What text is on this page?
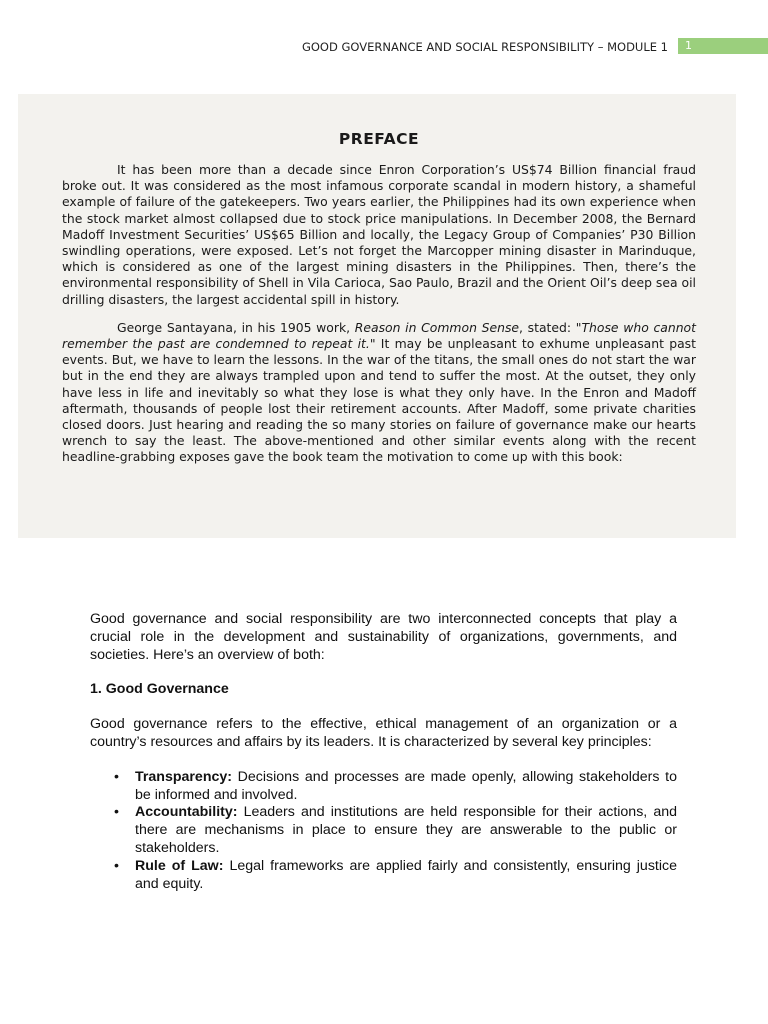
GOOD GOVERNANCE AND SOCIAL RESPONSIBILITY – MODULE 1 1
PREFACE

It has been more than a decade since Enron Corporation’s US$74 Billion financial fraud broke out. It was considered as the most infamous corporate scandal in modern history, a shameful example of failure of the gatekeepers. Two years earlier, the Philippines had its own experience when the stock market almost collapsed due to stock price manipulations. In December 2008, the Bernard Madoff Investment Securities’ US$65 Billion and locally, the Legacy Group of Companies’ P30 Billion swindling operations, were exposed. Let’s not forget the Marcopper mining disaster in Marinduque, which is considered as one of the largest mining disasters in the Philippines. Then, there’s the environmental responsibility of Shell in Vila Carioca, Sao Paulo, Brazil and the Orient Oil’s deep sea oil drilling disasters, the largest accidental spill in history.

George Santayana, in his 1905 work, Reason in Common Sense, stated: "Those who cannot remember the past are condemned to repeat it." It may be unpleasant to exhume unpleasant past events. But, we have to learn the lessons. In the war of the titans, the small ones do not start the war but in the end they are always trampled upon and tend to suffer the most. At the outset, they only have less in life and inevitably so what they lose is what they only have. In the Enron and Madoff aftermath, thousands of people lost their retirement accounts. After Madoff, some private charities closed doors. Just hearing and reading the so many stories on failure of governance make our hearts wrench to say the least. The above-mentioned and other similar events along with the recent headline-grabbing exposes gave the book team the motivation to come up with this book:

Good governance and social responsibility are two interconnected concepts that play a crucial role in the development and sustainability of organizations, governments, and societies. Here’s an overview of both:

1. Good Governance

Good governance refers to the effective, ethical management of an organization or a country’s resources and affairs by its leaders. It is characterized by several key principles:

• Transparency: Decisions and processes are made openly, allowing stakeholders to be informed and involved.
• Accountability: Leaders and institutions are held responsible for their actions, and there are mechanisms in place to ensure they are answerable to the public or stakeholders.
• Rule of Law: Legal frameworks are applied fairly and consistently, ensuring justice and equity.
